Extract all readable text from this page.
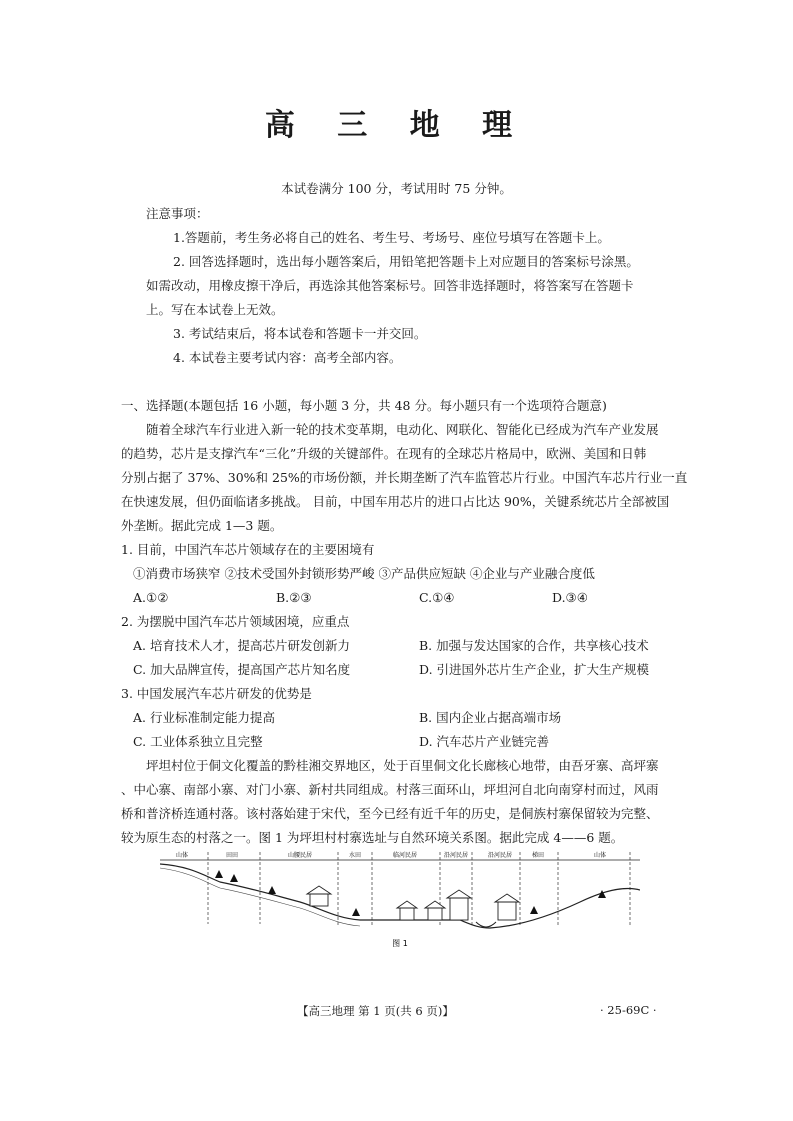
高 三 地 理
本试卷满分 100 分，考试用时 75 分钟。
注意事项：
1.答题前，考生务必将自己的姓名、考生号、考场号、座位号填写在答题卡上。
2. 回答选择题时，选出每小题答案后，用铅笔把答题卡上对应题目的答案标号涂黑。
如需改动，用橡皮擦干净后，再选涂其他答案标号。回答非选择题时，将答案写在答题卡
上。写在本试卷上无效。
3. 考试结束后，将本试卷和答题卡一并交回。
4. 本试卷主要考试内容：高考全部内容。
一、选择题(本题包括 16 小题，每小题 3 分，共 48 分。每小题只有一个选项符合题意)
随着全球汽车行业进入新一轮的技术变革期，电动化、网联化、智能化已经成为汽车产业发展
的趋势，芯片是支撑汽车“三化”升级的关键部件。在现有的全球芯片格局中，欧洲、美国和日韩
分别占据了 37%、30%和 25%的市场份额，并长期垄断了汽车监管芯片行业。中国汽车芯片行业一直
在快速发展，但仍面临诸多挑战。 目前，中国车用芯片的进口占比达 90%，关键系统芯片全部被国
外垄断。据此完成 1—3 题。
1. 目前，中国汽车芯片领域存在的主要困境有
①消费市场狭窄 ②技术受国外封锁形势严峻 ③产品供应短缺 ④企业与产业融合度低
A.①②	B.②③	C.①④	D.③④
2. 为摆脱中国汽车芯片领域困境，应重点
A. 培育技术人才，提高芯片研发创新力	B. 加强与发达国家的合作，共享核心技术
C. 加大品牌宣传，提高国产芯片知名度	D. 引进国外芯片生产企业，扩大生产规模
3. 中国发展汽车芯片研发的优势是
A. 行业标准制定能力提高	B. 国内企业占据高端市场
C. 工业体系独立且完整	D. 汽车芯片产业链完善
坪坦村位于侗文化覆盖的黔桂湘交界地区，处于百里侗文化长廊核心地带，由吾牙寨、高坪寨
、中心寨、南部小寨、对门小寨、新村共同组成。村落三面环山，坪坦河自北向南穿村而过，风雨
桥和普济桥连通村落。该村落始建于宋代，至今已经有近千年的历史，是侗族村寨保留较为完整、
较为原生态的村落之一。图 1 为坪坦村村寨选址与自然环境关系图。据此完成 4——6 题。
山体	田田	山腰民居	水田	临河民居	沿河民居	沿河民居	梯田	山体
图 1
【高三地理 第 1 页(共 6 页)】	· 25-69C ·
